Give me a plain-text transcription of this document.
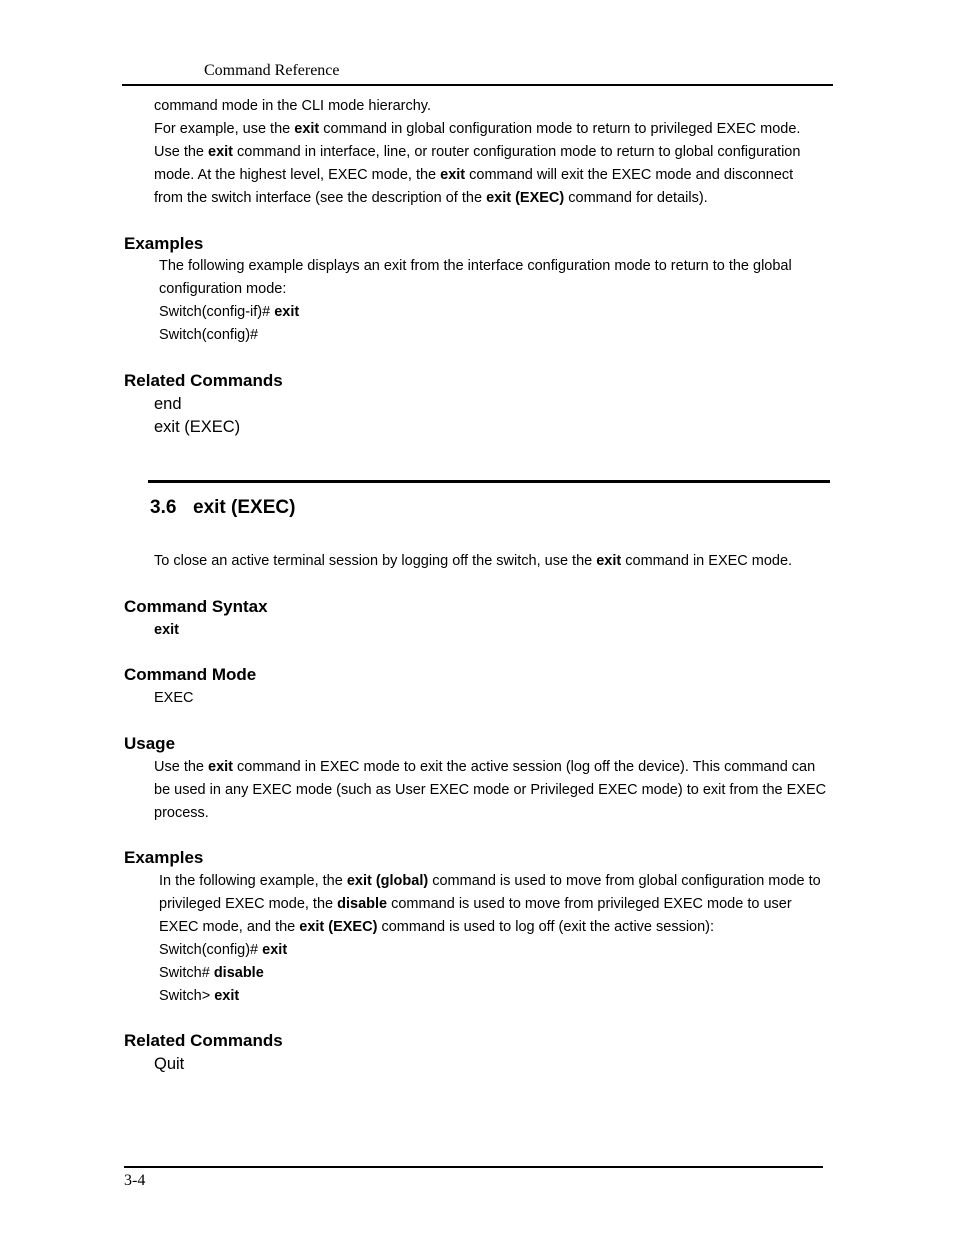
Command Reference
command mode in the CLI mode hierarchy.
For example, use the exit command in global configuration mode to return to privileged EXEC mode.
Use the exit command in interface, line, or router configuration mode to return to global configuration
mode. At the highest level, EXEC mode, the exit command will exit the EXEC mode and disconnect
from the switch interface (see the description of the exit (EXEC) command for details).
Examples
The following example displays an exit from the interface configuration mode to return to the global
configuration mode:
Switch(config-if)# exit
Switch(config)#
Related Commands
end
exit (EXEC)
3.6 exit (EXEC)
To close an active terminal session by logging off the switch, use the exit command in EXEC mode.
Command Syntax
exit
Command Mode
EXEC
Usage
Use the exit command in EXEC mode to exit the active session (log off the device). This command can
be used in any EXEC mode (such as User EXEC mode or Privileged EXEC mode) to exit from the EXEC
process.
Examples
In the following example, the exit (global) command is used to move from global configuration mode to
privileged EXEC mode, the disable command is used to move from privileged EXEC mode to user
EXEC mode, and the exit (EXEC) command is used to log off (exit the active session):
Switch(config)# exit
Switch# disable
Switch> exit
Related Commands
Quit
3-4
